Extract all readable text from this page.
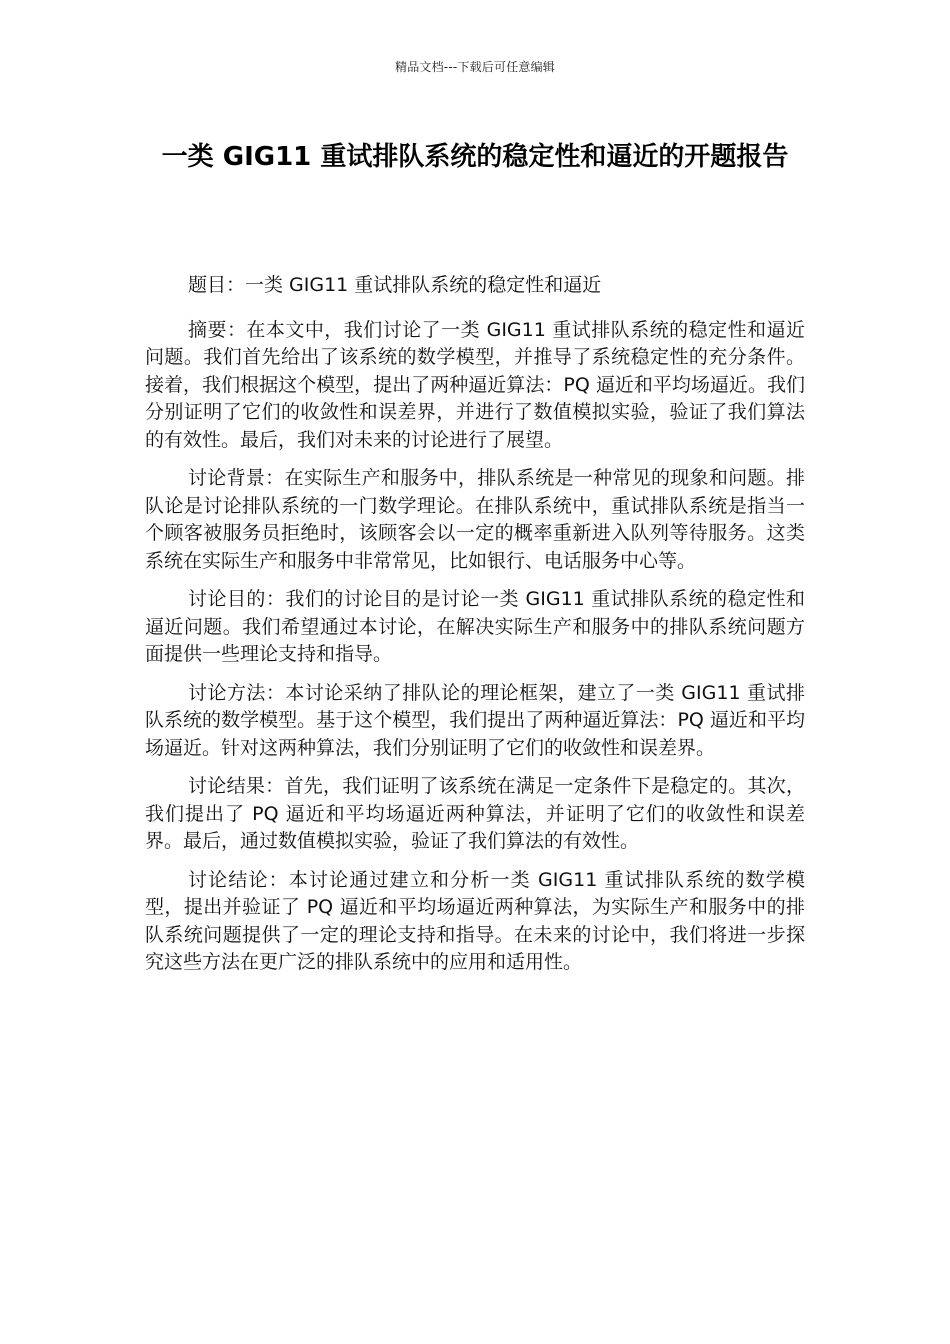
精品文档---下载后可任意编辑
一类 GIG11 重试排队系统的稳定性和逼近的开题报告

题目：一类 GIG11 重试排队系统的稳定性和逼近

摘要：在本文中，我们讨论了一类 GIG11 重试排队系统的稳定性和逼近问题。我们首先给出了该系统的数学模型，并推导了系统稳定性的充分条件。接着，我们根据这个模型，提出了两种逼近算法：PQ 逼近和平均场逼近。我们分别证明了它们的收敛性和误差界，并进行了数值模拟实验，验证了我们算法的有效性。最后，我们对未来的讨论进行了展望。

讨论背景：在实际生产和服务中，排队系统是一种常见的现象和问题。排队论是讨论排队系统的一门数学理论。在排队系统中，重试排队系统是指当一个顾客被服务员拒绝时，该顾客会以一定的概率重新进入队列等待服务。这类系统在实际生产和服务中非常常见，比如银行、电话服务中心等。

讨论目的：我们的讨论目的是讨论一类 GIG11 重试排队系统的稳定性和逼近问题。我们希望通过本讨论，在解决实际生产和服务中的排队系统问题方面提供一些理论支持和指导。

讨论方法：本讨论采纳了排队论的理论框架，建立了一类 GIG11 重试排队系统的数学模型。基于这个模型，我们提出了两种逼近算法：PQ 逼近和平均场逼近。针对这两种算法，我们分别证明了它们的收敛性和误差界。

讨论结果：首先，我们证明了该系统在满足一定条件下是稳定的。其次，我们提出了 PQ 逼近和平均场逼近两种算法，并证明了它们的收敛性和误差界。最后，通过数值模拟实验，验证了我们算法的有效性。

讨论结论：本讨论通过建立和分析一类 GIG11 重试排队系统的数学模型，提出并验证了 PQ 逼近和平均场逼近两种算法，为实际生产和服务中的排队系统问题提供了一定的理论支持和指导。在未来的讨论中，我们将进一步探究这些方法在更广泛的排队系统中的应用和适用性。
